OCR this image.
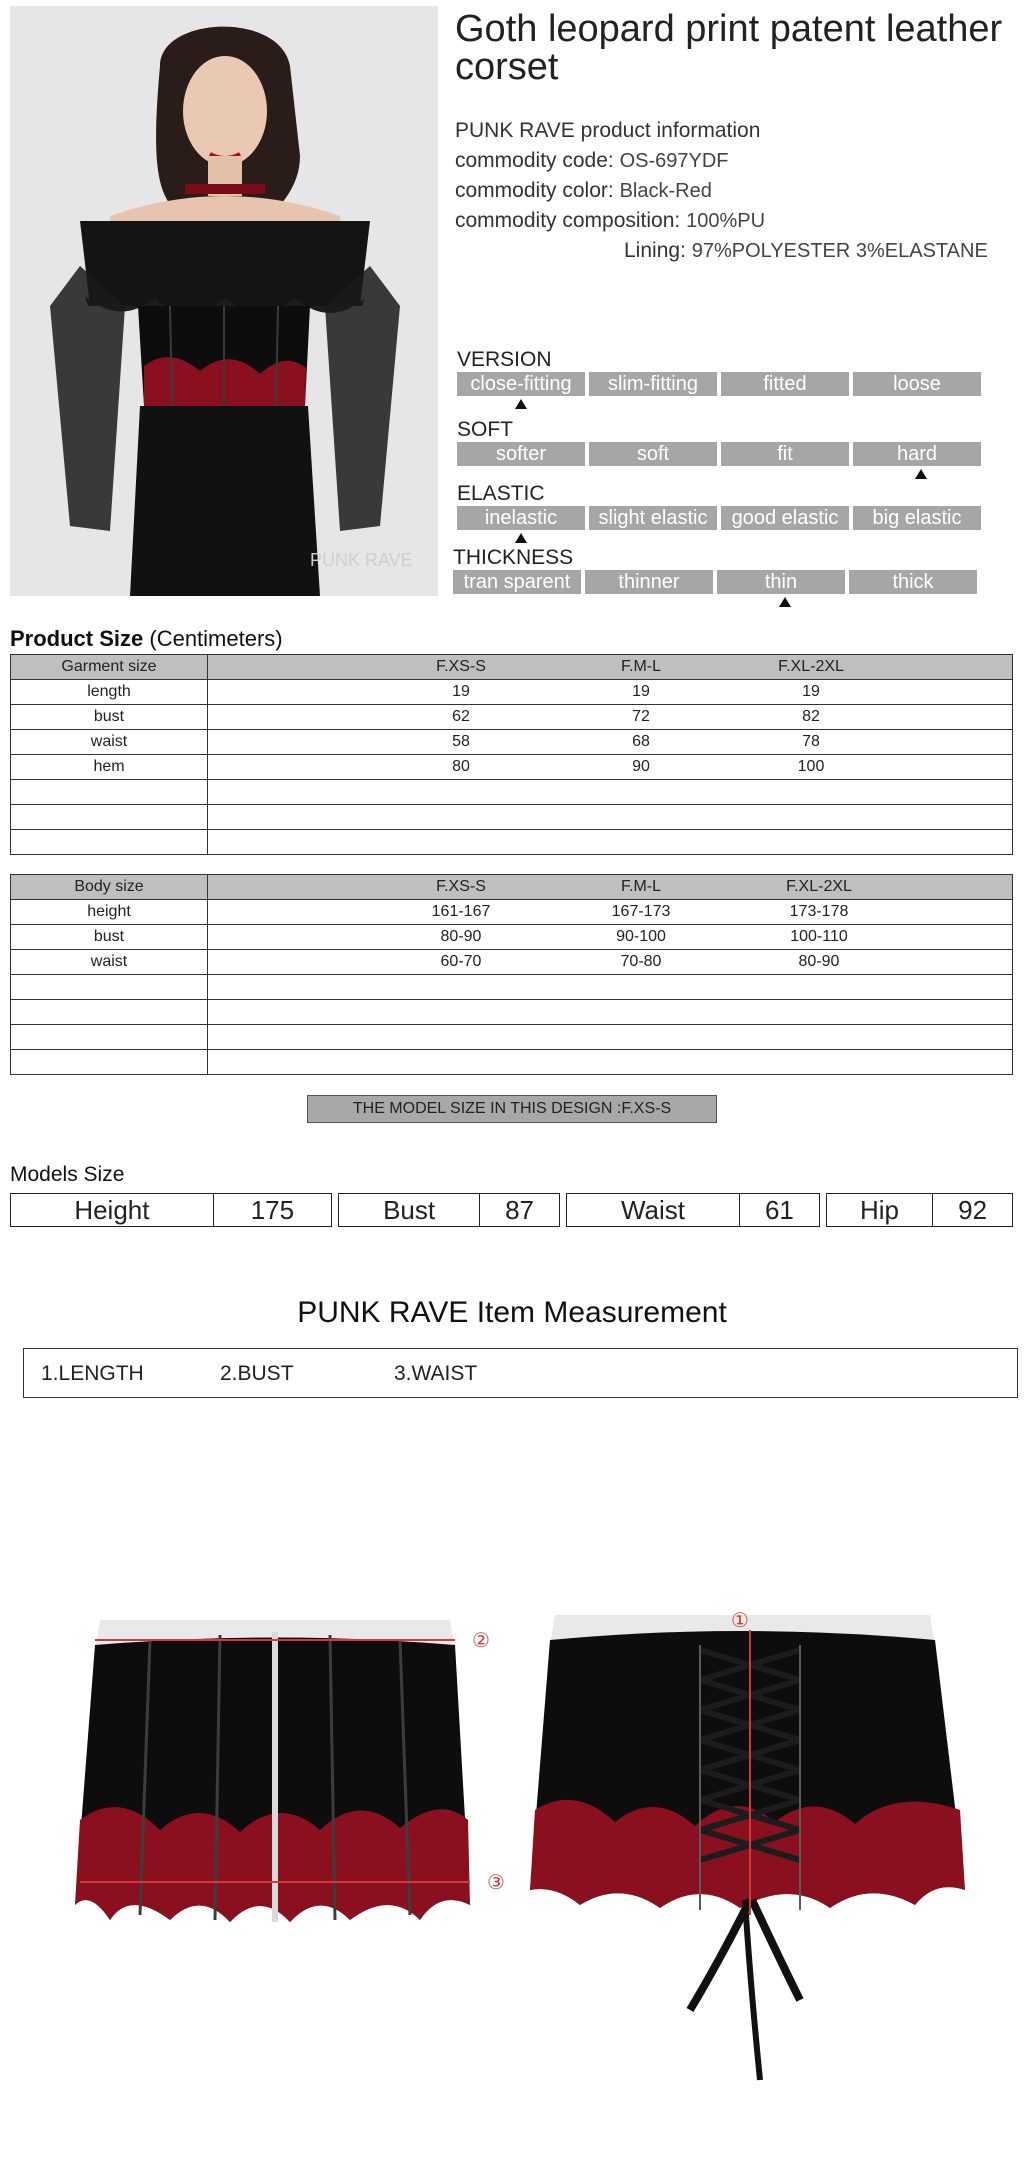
PUNK RAVE
Goth leopard print patent leather corset
PUNK RAVE product information
commodity code: OS-697YDF
commodity color: Black-Red
commodity composition: 100%PU
Lining: 97%POLYESTER 3%ELASTANE
VERSION
close-fitting	slim-fitting	fitted	loose
SOFT
softer	soft	fit	hard
ELASTIC
inelastic	slight elastic	good elastic	big elastic
THICKNESS
tran sparent	thinner	thin	thick
Product Size (Centimeters)
Garment size	F.XS-S F.M-L F.XL-2XL

length	19 19 19

bust	62 72 82

waist	58 68 78

hem	80 90 100

Body size	F.XS-S F.M-L F.XL-2XL

height	161-167 167-173 173-178

bust	80-90 90-100 100-110

waist	60-70 70-80 80-90

THE MODEL SIZE IN THIS DESIGN :F.XS-S
Models Size
Height	175		Bust	87		Waist	61		Hip	92
PUNK RAVE Item Measurement
1.LENGTH	2.BUST	3.WAIST
②
③
①
